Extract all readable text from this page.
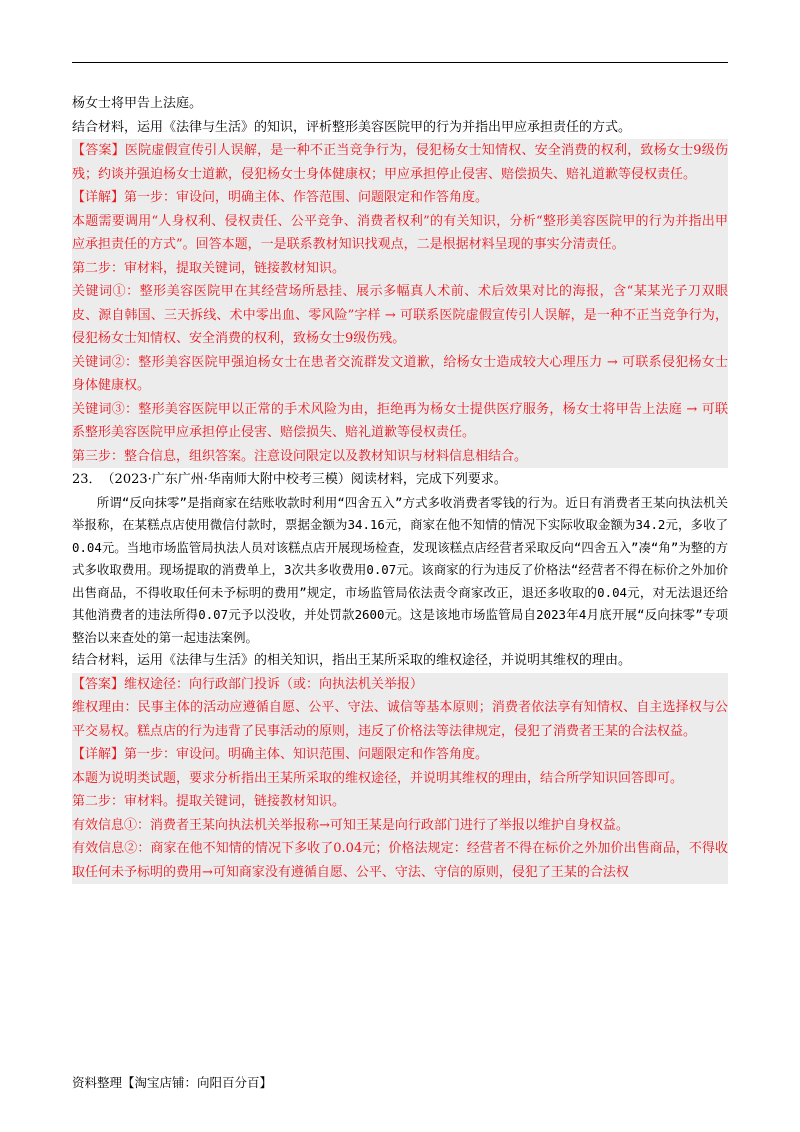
杨女士将甲告上法庭。

结合材料，运用《法律与生活》的知识，评析整形美容医院甲的行为并指出甲应承担责任的方式。

【答案】医院虚假宣传引人误解，是一种不正当竞争行为，侵犯杨女士知情权、安全消费的权利，致杨女士9级伤残；约谈并强迫杨女士道歉，侵犯杨女士身体健康权；甲应承担停止侵害、赔偿损失、赔礼道歉等侵权责任。

【详解】第一步：审设问，明确主体、作答范围、问题限定和作答角度。

本题需要调用“人身权利、侵权责任、公平竞争、消费者权利”的有关知识，分析“整形美容医院甲的行为并指出甲应承担责任的方式”。回答本题，一是联系教材知识找观点，二是根据材料呈现的事实分清责任。

第二步：审材料，提取关键词，链接教材知识。

关键词①：整形美容医院甲在其经营场所悬挂、展示多幅真人术前、术后效果对比的海报，含“某某光子刀双眼皮、源自韩国、三天拆线、术中零出血、零风险”字样 → 可联系医院虚假宣传引人误解，是一种不正当竞争行为，侵犯杨女士知情权、安全消费的权利，致杨女士9级伤残。

关键词②：整形美容医院甲强迫杨女士在患者交流群发文道歉，给杨女士造成较大心理压力 → 可联系侵犯杨女士身体健康权。

关键词③：整形美容医院甲以正常的手术风险为由，拒绝再为杨女士提供医疗服务，杨女士将甲告上法庭 → 可联系整形美容医院甲应承担停止侵害、赔偿损失、赔礼道歉等侵权责任。

第三步：整合信息，组织答案。注意设问限定以及教材知识与材料信息相结合。

23．（2023·广东广州·华南师大附中校考三模）阅读材料，完成下列要求。

所谓“反向抹零”是指商家在结账收款时利用“四舍五入”方式多收消费者零钱的行为。近日有消费者王某向执法机关举报称，在某糕点店使用微信付款时，票据金额为34.16元，商家在他不知情的情况下实际收取金额为34.2元，多收了0.04元。当地市场监管局执法人员对该糕点店开展现场检查，发现该糕点店经营者采取反向“四舍五入”凑“角”为整的方式多收取费用。现场提取的消费单上，3次共多收费用0.07元。该商家的行为违反了价格法“经营者不得在标价之外加价出售商品，不得收取任何未予标明的费用”规定，市场监管局依法责令商家改正，退还多收取的0.04元，对无法退还给其他消费者的违法所得0.07元予以没收，并处罚款2600元。这是该地市场监管局自2023年4月底开展“反向抹零”专项整治以来查处的第一起违法案例。

结合材料，运用《法律与生活》的相关知识，指出王某所采取的维权途径，并说明其维权的理由。

【答案】维权途径：向行政部门投诉（或：向执法机关举报）

维权理由：民事主体的活动应遵循自愿、公平、守法、诚信等基本原则；消费者依法享有知情权、自主选择权与公平交易权。糕点店的行为违背了民事活动的原则，违反了价格法等法律规定，侵犯了消费者王某的合法权益。

【详解】第一步：审设问。明确主体、知识范围、问题限定和作答角度。

本题为说明类试题，要求分析指出王某所采取的维权途径，并说明其维权的理由，结合所学知识回答即可。

第二步：审材料。提取关键词，链接教材知识。

有效信息①：消费者王某向执法机关举报称→可知王某是向行政部门进行了举报以维护自身权益。

有效信息②：商家在他不知情的情况下多收了0.04元；价格法规定：经营者不得在标价之外加价出售商品，不得收取任何未予标明的费用→可知商家没有遵循自愿、公平、守法、守信的原则，侵犯了王某的合法权

资料整理【淘宝店铺：向阳百分百】
